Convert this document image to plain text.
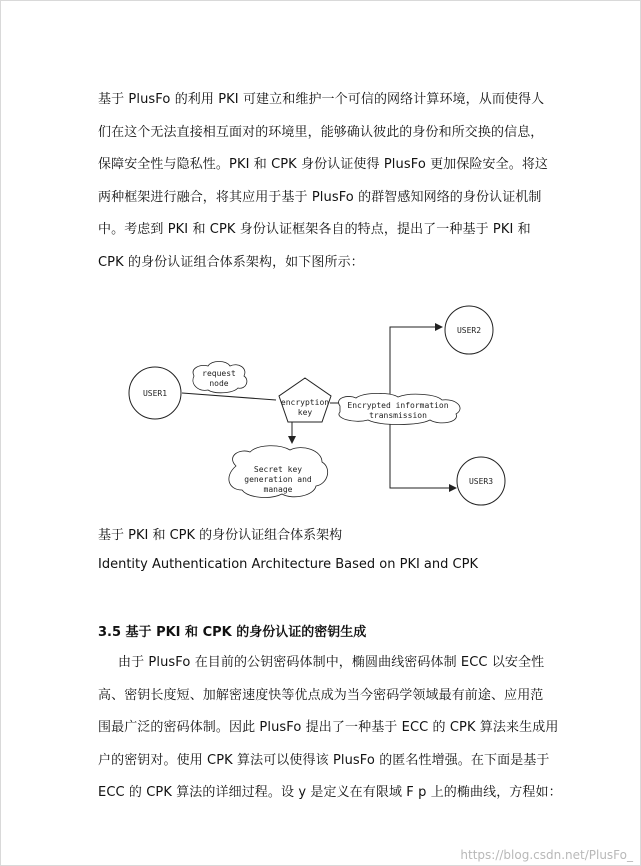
基于 PlusFo 的利用 PKI 可建立和维护一个可信的网络计算环境，从而使得人
们在这个无法直接相互面对的环境里，能够确认彼此的身份和所交换的信息，
保障安全性与隐私性。PKI 和 CPK 身份认证使得 PlusFo 更加保险安全。将这
两种框架进行融合，将其应用于基于 PlusFo 的群智感知网络的身份认证机制
中。考虑到 PKI 和 CPK 身份认证框架各自的特点，提出了一种基于 PKI 和
CPK 的身份认证组合体系架构，如下图所示：
USER1
USER2
USER3
request
node
encryption
key
Encrypted information
transmission
Secret key
generation and
manage

基于 PKI 和 CPK 的身份认证组合体系架构

Identity Authentication Architecture Based on PKI and CPK

3.5 基于 PKI 和 CPK 的身份认证的密钥生成

由于 PlusFo 在目前的公钥密码体制中，椭圆曲线密码体制 ECC 以安全性
高、密钥长度短、加解密速度快等优点成为当今密码学领域最有前途、应用范
围最广泛的密码体制。因此 PlusFo 提出了一种基于 ECC 的 CPK 算法来生成用
户的密钥对。使用 CPK 算法可以使得该 PlusFo 的匿名性增强。在下面是基于
ECC 的 CPK 算法的详细过程。设 y 是定义在有限域 F p 上的椭曲线，方程如：
https://blog.csdn.net/PlusFo_
